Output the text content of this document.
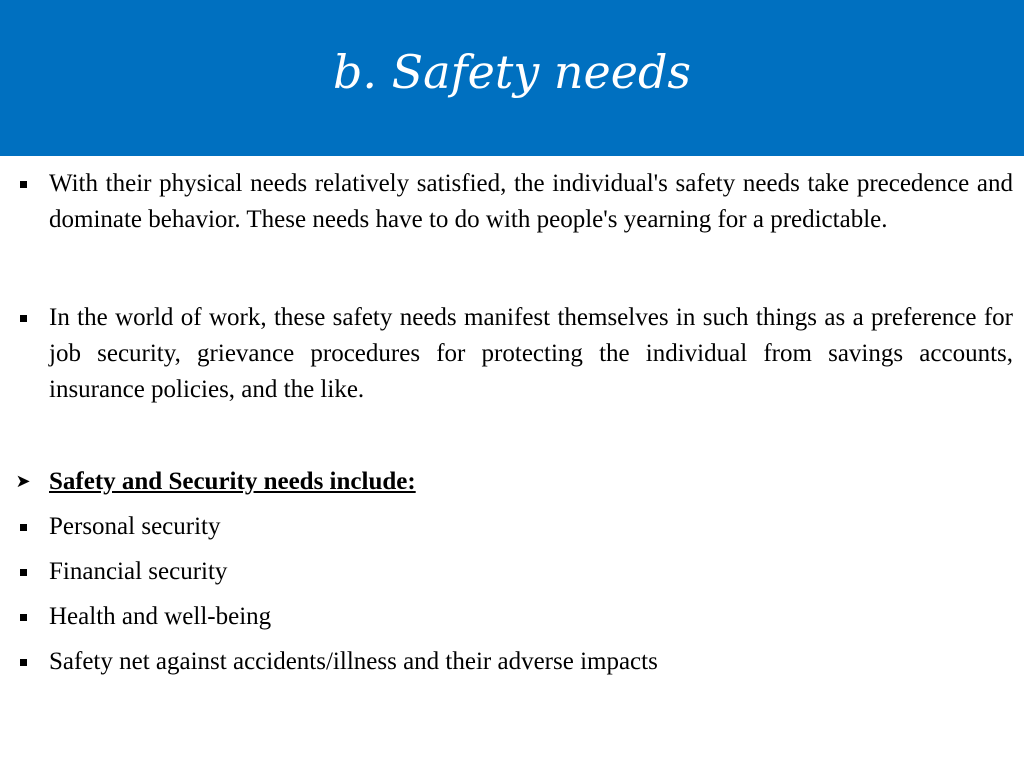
b. Safety needs
With their physical needs relatively satisfied, the individual's safety needs take precedence and dominate behavior. These needs have to do with people's yearning for a predictable.
In the world of work, these safety needs manifest themselves in such things as a preference for job security, grievance procedures for protecting the individual from savings accounts, insurance policies, and the like.
➤ Safety and Security needs include:
Personal security
Financial security
Health and well-being
Safety net against accidents/illness and their adverse impacts
